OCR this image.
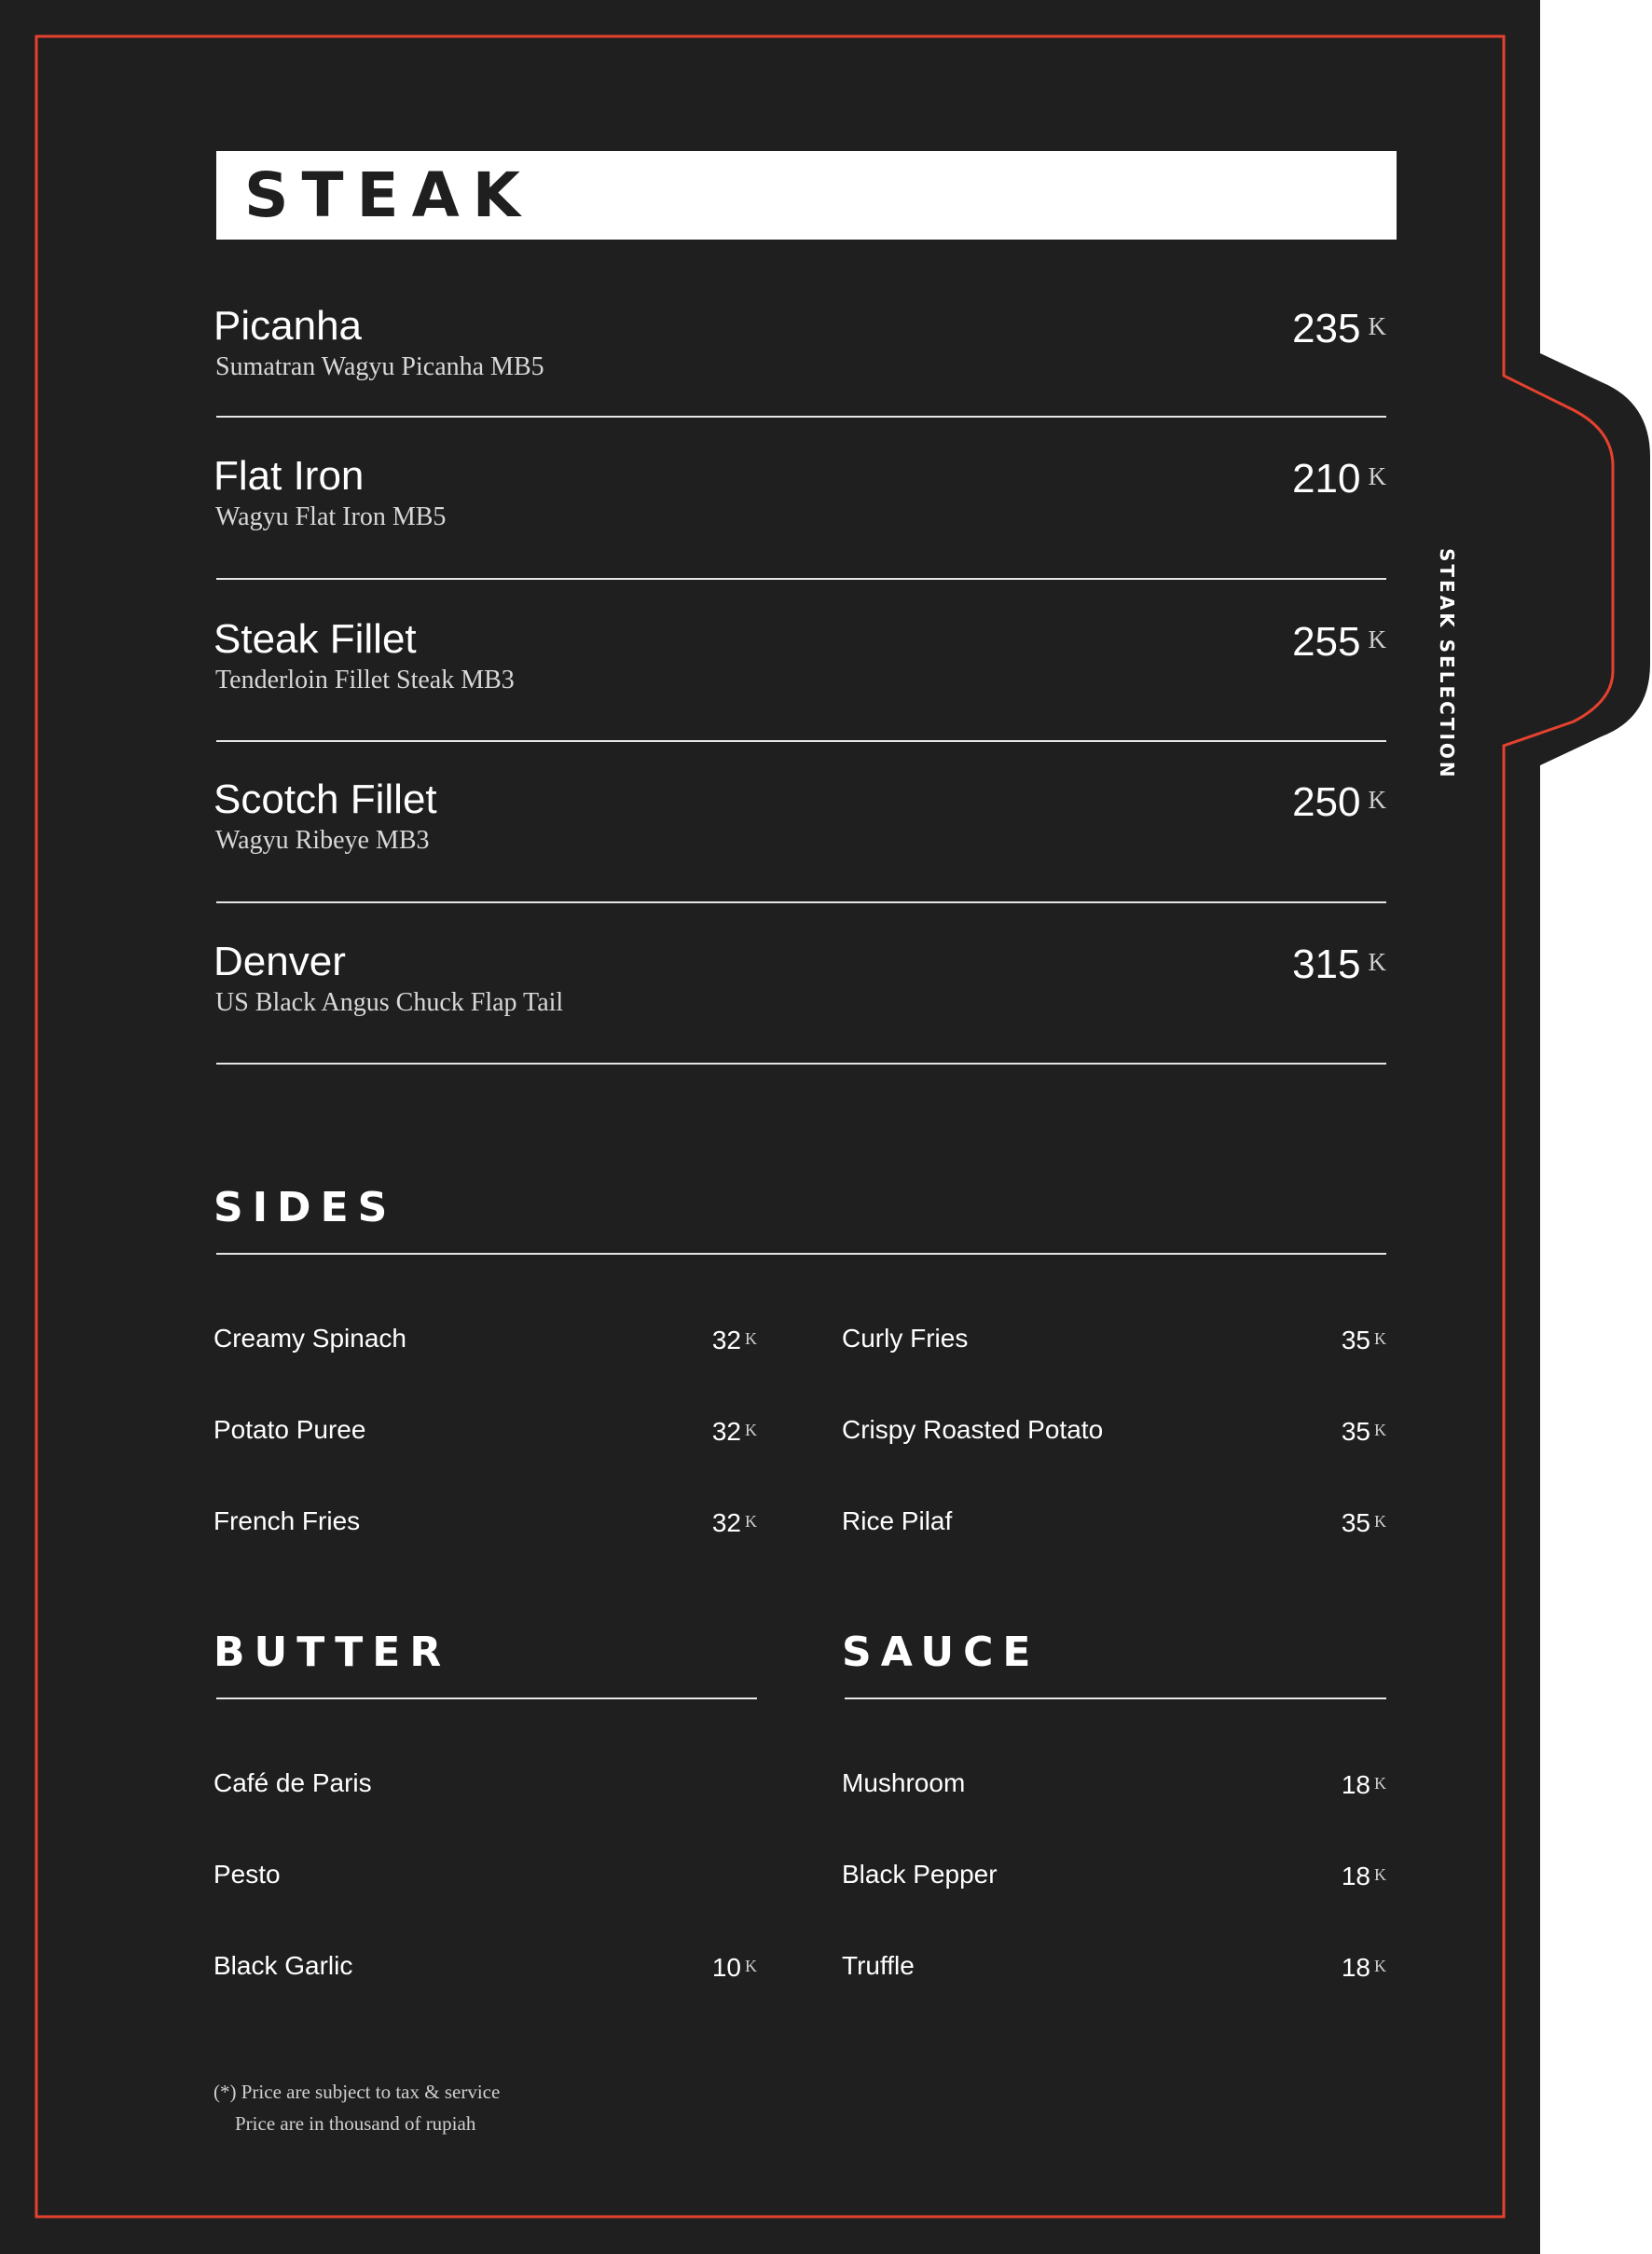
STEAK SELECTION
STEAK
Picanha
Sumatran Wagyu Picanha MB5
235 K
Flat Iron
Wagyu Flat Iron MB5
210 K
Steak Fillet
Tenderloin Fillet Steak MB3
255 K
Scotch Fillet
Wagyu Ribeye MB3
250 K
Denver
US Black Angus Chuck Flap Tail
315 K
SIDES
Creamy Spinach	32 K
Potato Puree	32 K
French Fries	32 K
Curly Fries	35 K
Crispy Roasted Potato	35 K
Rice Pilaf	35 K
BUTTER
Café de Paris
Pesto
Black Garlic	10 K
SAUCE
Mushroom	18 K
Black Pepper	18 K
Truffle	18 K
(*) Price are subject to tax & service
Price are in thousand of rupiah
